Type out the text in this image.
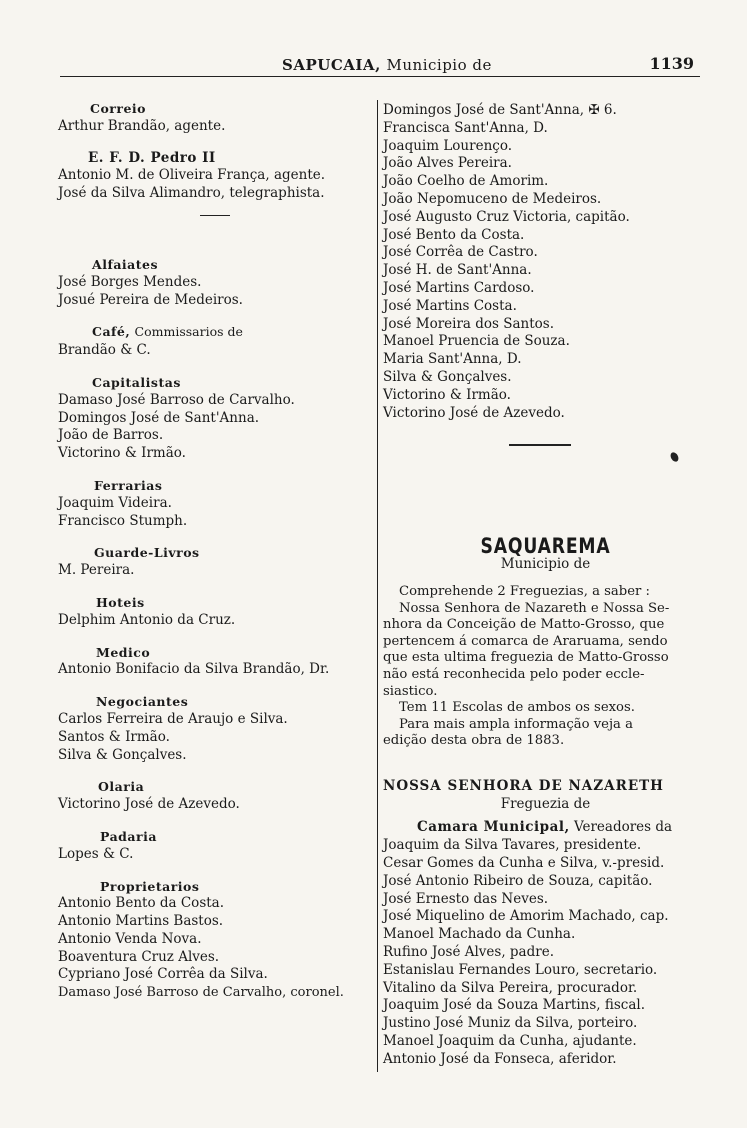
SAPUCAIA, Municipio de	1139
Correio
Arthur Brandão, agente.
E. F. D. Pedro II
Antonio M. de Oliveira França, agente.
José da Silva Alimandro, telegraphista.
Alfaiates
José Borges Mendes.
Josué Pereira de Medeiros.
Café, Commissarios de
Brandão & C.
Capitalistas
Damaso José Barroso de Carvalho.
Domingos José de Sant'Anna.
João de Barros.
Victorino & Irmão.
Ferrarias
Joaquim Videira.
Francisco Stumph.
Guarde-Livros
M. Pereira.
Hoteis
Delphim Antonio da Cruz.
Medico
Antonio Bonifacio da Silva Brandão, Dr.
Negociantes
Carlos Ferreira de Araujo e Silva.
Santos & Irmão.
Silva & Gonçalves.
Olaria
Victorino José de Azevedo.
Padaria
Lopes & C.
Proprietarios
Antonio Bento da Costa.
Antonio Martins Bastos.
Antonio Venda Nova.
Boaventura Cruz Alves.
Cypriano José Corrêa da Silva.
Damaso José Barroso de Carvalho, coronel.
Domingos José de Sant'Anna, ✠ 6.
Francisca Sant'Anna, D.
Joaquim Lourenço.
João Alves Pereira.
João Coelho de Amorim.
João Nepomuceno de Medeiros.
José Augusto Cruz Victoria, capitão.
José Bento da Costa.
José Corrêa de Castro.
José H. de Sant'Anna.
José Martins Cardoso.
José Martins Costa.
José Moreira dos Santos.
Manoel Pruencia de Souza.
Maria Sant'Anna, D.
Silva & Gonçalves.
Victorino & Irmão.
Victorino José de Azevedo.
SAQUAREMA
Municipio de
Comprehende 2 Freguezias, a saber :
Nossa Senhora de Nazareth e Nossa Se-
nhora da Conceição de Matto-Grosso, que
pertencem á comarca de Araruama, sendo
que esta ultima freguezia de Matto-Grosso
não está reconhecida pelo poder eccle-
siastico.
Tem 11 Escolas de ambos os sexos.
Para mais ampla informação veja a
edição desta obra de 1883.
NOSSA SENHORA DE NAZARETH
Freguezia de
Camara Municipal, Vereadores da
Joaquim da Silva Tavares, presidente.
Cesar Gomes da Cunha e Silva, v.-presid.
José Antonio Ribeiro de Souza, capitão.
José Ernesto das Neves.
José Miquelino de Amorim Machado, cap.
Manoel Machado da Cunha.
Rufino José Alves, padre.
Estanislau Fernandes Louro, secretario.
Vitalino da Silva Pereira, procurador.
Joaquim José da Souza Martins, fiscal.
Justino José Muniz da Silva, porteiro.
Manoel Joaquim da Cunha, ajudante.
Antonio José da Fonseca, aferidor.
